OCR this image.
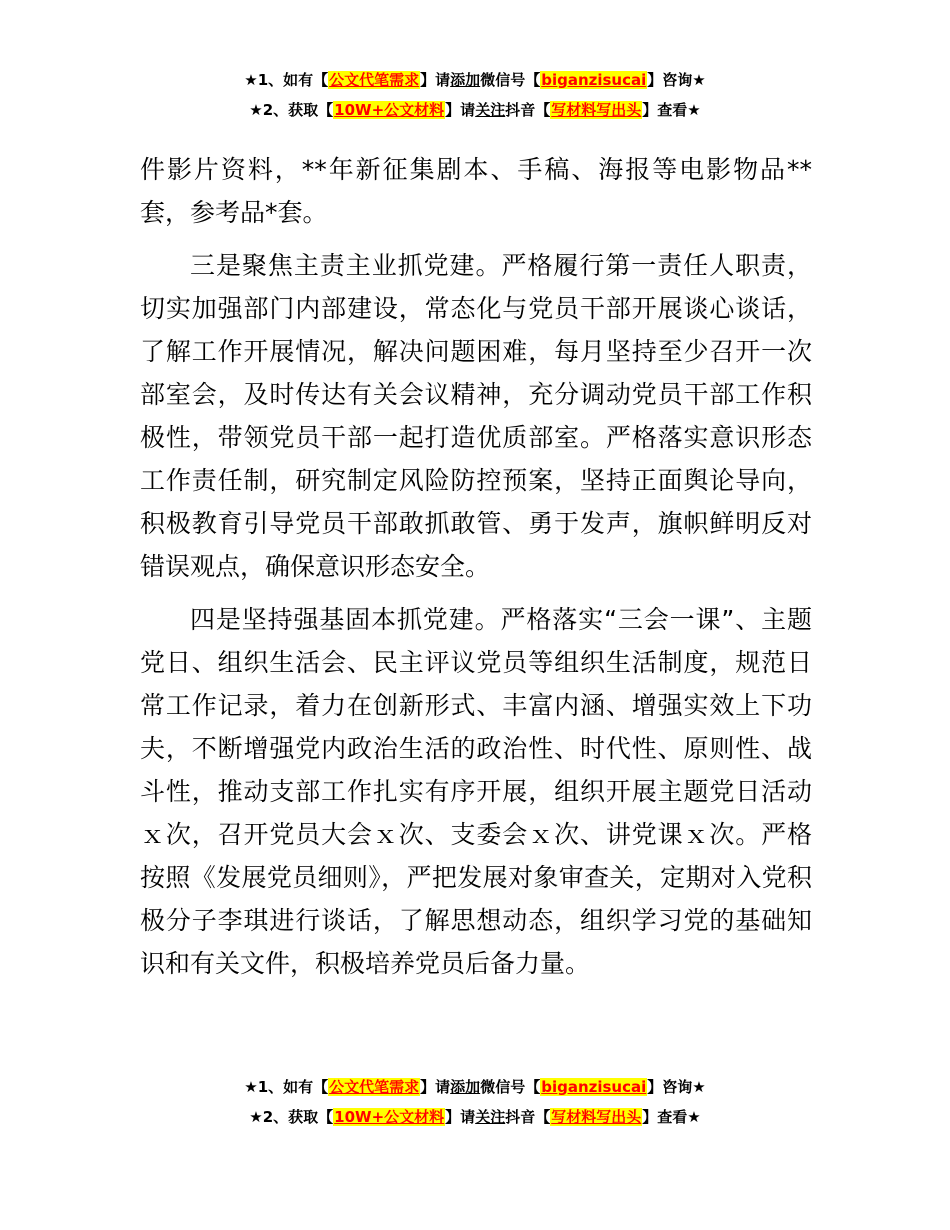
★1、如有【公文代笔需求】请添加微信号【biganzisucai】咨询★
★2、获取【10W+公文材料】请关注抖音【写材料写出头】查看★

件影片资料，**年新征集剧本、手稿、海报等电影物品**套，参考品*套。

三是聚焦主责主业抓党建。严格履行第一责任人职责，切实加强部门内部建设，常态化与党员干部开展谈心谈话，了解工作开展情况，解决问题困难，每月坚持至少召开一次部室会，及时传达有关会议精神，充分调动党员干部工作积极性，带领党员干部一起打造优质部室。严格落实意识形态工作责任制，研究制定风险防控预案，坚持正面舆论导向，积极教育引导党员干部敢抓敢管、勇于发声，旗帜鲜明反对错误观点，确保意识形态安全。

四是坚持强基固本抓党建。严格落实“三会一课”、主题党日、组织生活会、民主评议党员等组织生活制度，规范日常工作记录，着力在创新形式、丰富内涵、增强实效上下功夫，不断增强党内政治生活的政治性、时代性、原则性、战斗性，推动支部工作扎实有序开展，组织开展主题党日活动ｘ次，召开党员大会ｘ次、支委会ｘ次、讲党课ｘ次。严格按照《发展党员细则》，严把发展对象审查关，定期对入党积极分子李琪进行谈话，了解思想动态，组织学习党的基础知识和有关文件，积极培养党员后备力量。

★1、如有【公文代笔需求】请添加微信号【biganzisucai】咨询★
★2、获取【10W+公文材料】请关注抖音【写材料写出头】查看★
